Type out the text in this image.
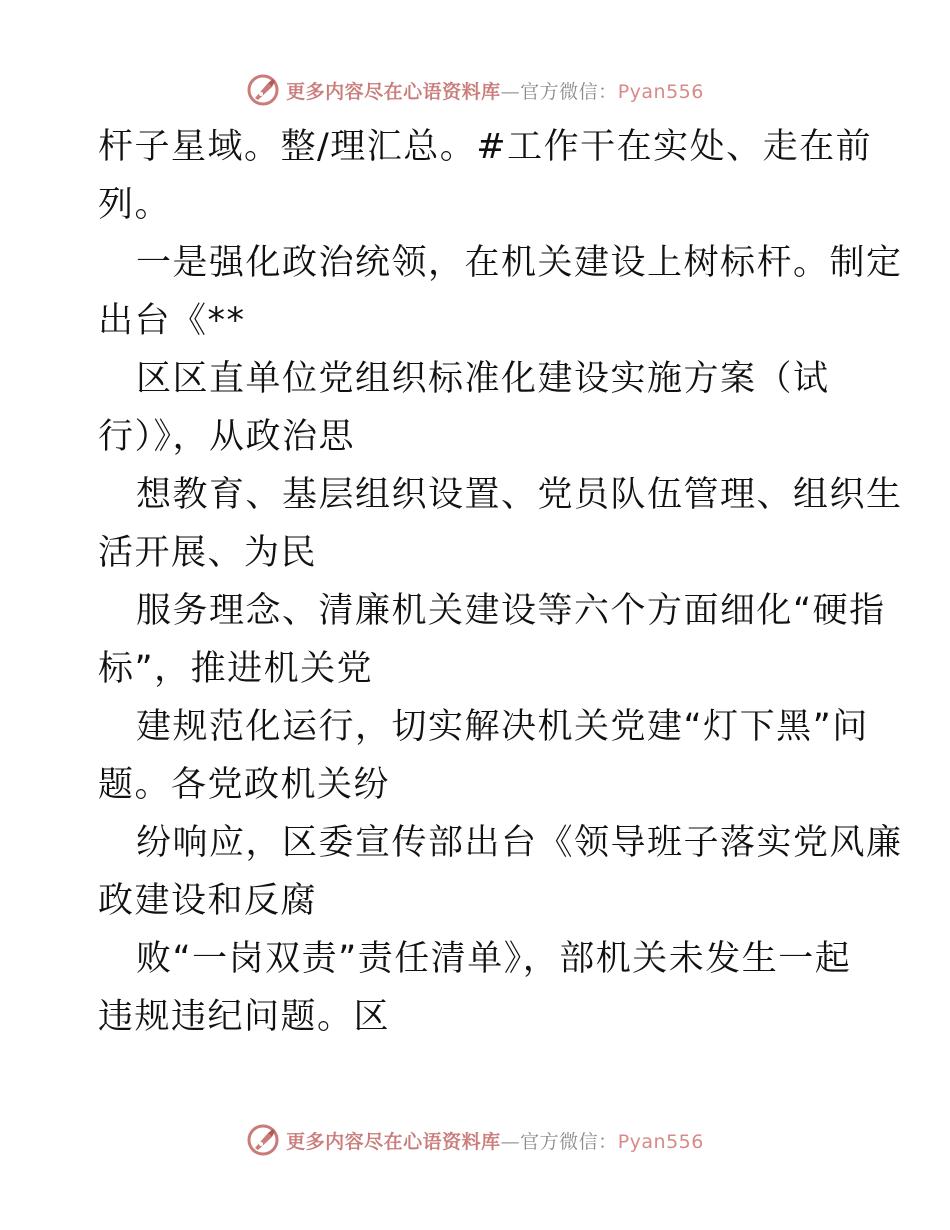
更多内容尽在心语资料库—官方微信：Pyan556
杆子星域。整/理汇总。#工作干在实处、走在前
列。
一是强化政治统领，在机关建设上树标杆。制定
出台《**
区区直单位党组织标准化建设实施方案（试
行）》，从政治思
想教育、基层组织设置、党员队伍管理、组织生
活开展、为民
服务理念、清廉机关建设等六个方面细化“硬指
标”，推进机关党
建规范化运行，切实解决机关党建“灯下黑”问
题。各党政机关纷
纷响应，区委宣传部出台《领导班子落实党风廉
政建设和反腐
败“一岗双责”责任清单》，部机关未发生一起
违规违纪问题。区
更多内容尽在心语资料库—官方微信：Pyan556
